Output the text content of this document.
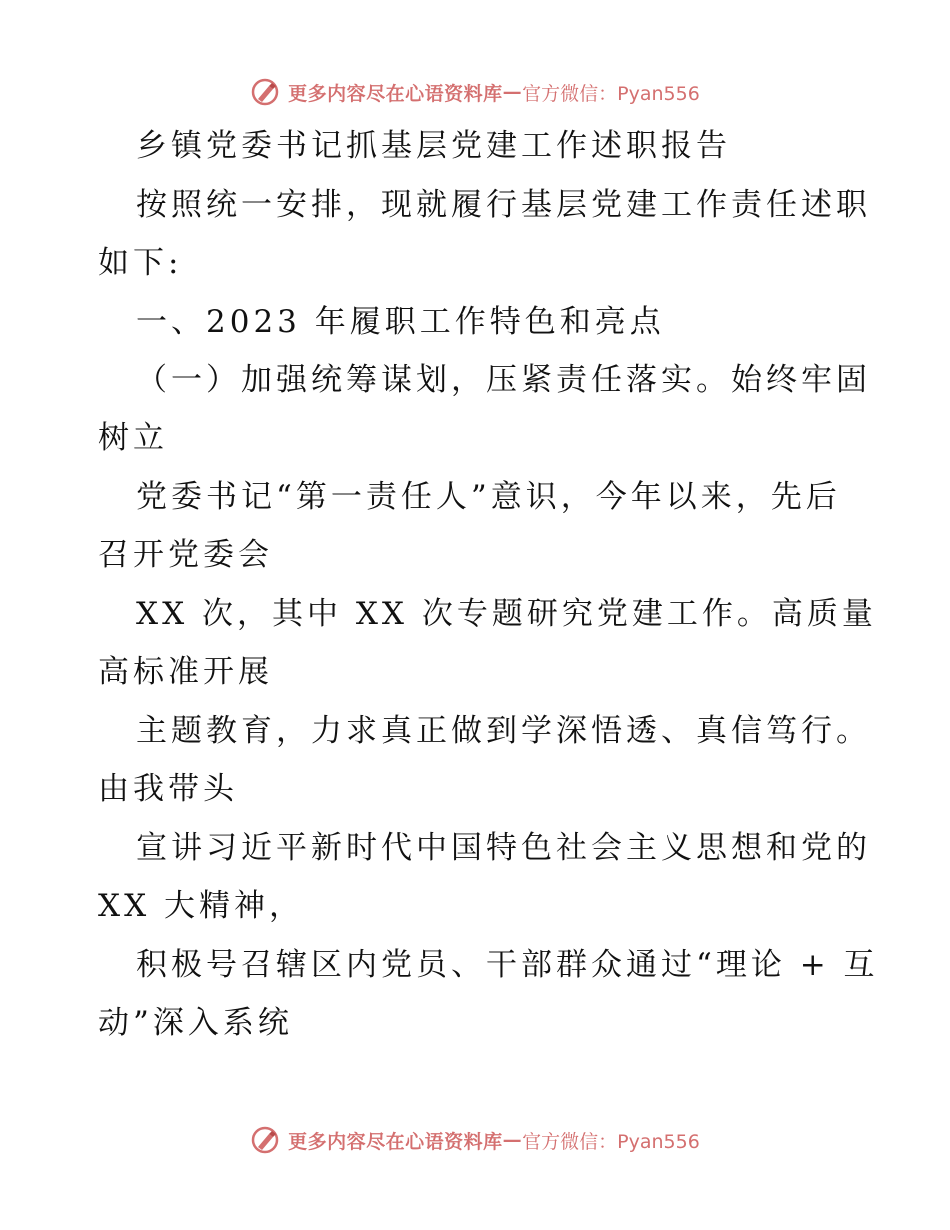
更多内容尽在心语资料库 — 官方微信：Pyan556
乡镇党委书记抓基层党建工作述职报告
按照统一安排，现就履行基层党建工作责任述职
如下:
一、2023 年履职工作特色和亮点
（一）加强统筹谋划，压紧责任落实。始终牢固
树立
党委书记“第一责任人”意识，今年以来，先后
召开党委会
XX 次，其中 XX 次专题研究党建工作。高质量
高标准开展
主题教育，力求真正做到学深悟透、真信笃行。
由我带头
宣讲习近平新时代中国特色社会主义思想和党的
XX 大精神，
积极号召辖区内党员、干部群众通过“理论 + 互
动”深入系统
更多内容尽在心语资料库 — 官方微信：Pyan556
